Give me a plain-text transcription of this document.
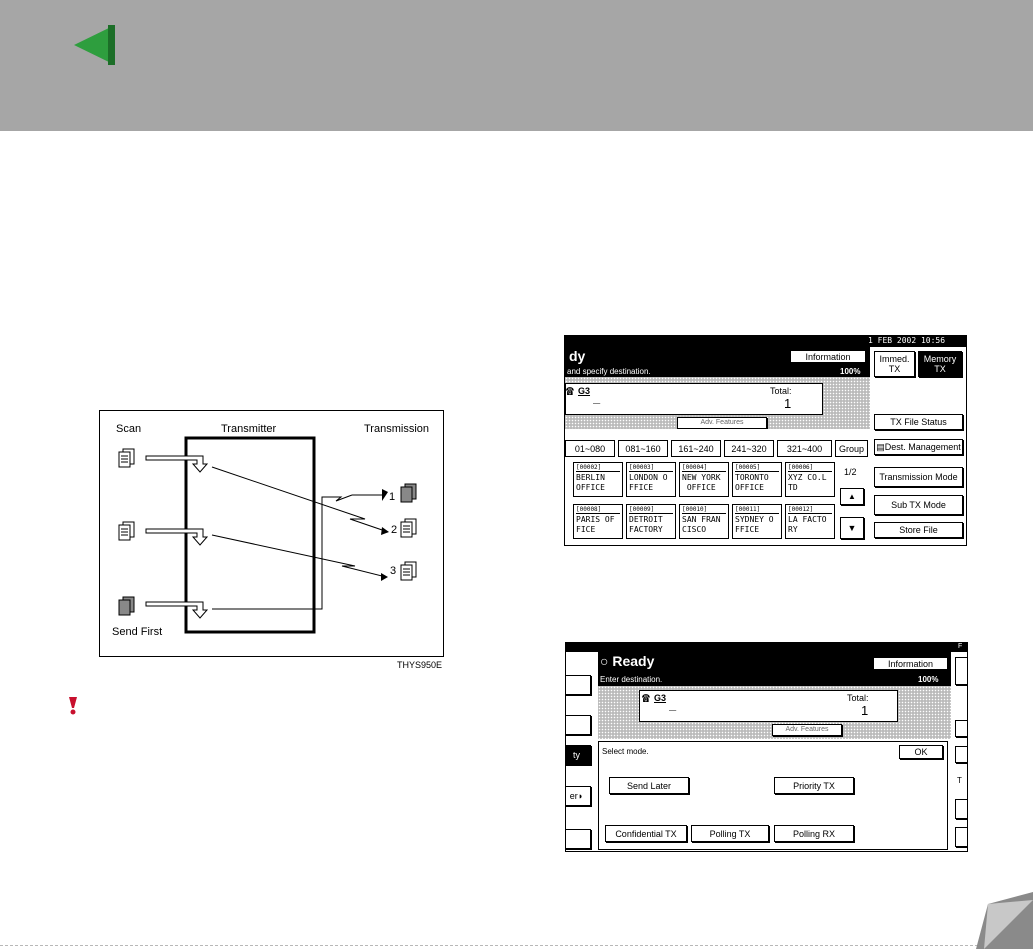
Scan	Transmitter	Transmission
Send First
1
2
3
THYS950E
1 FEB 2002 10:56
dy
and specify destination.
Information
100%
Immed.
TX
Memory
TX
☎ G3 _	Total:
1
Adv. Features	TX File Status
▤ Dest. Management
Transmission Mode
Sub TX Mode
Store File
01~080	081~160	161~240	241~320	321~400	Group
[00002]
BERLIN
OFFICE
[00003]
LONDON O
FFICE
[00004]
NEW YORK
OFFICE
[00005]
TORONTO
OFFICE
[00006]
XYZ CO.L
TD
[00008]
PARIS OF
FICE
[00009]
DETROIT
FACTORY
[00010]
SAN FRAN
CISCO
[00011]
SYDNEY O
FFICE
[00012]
LA FACTO
RY
1/2
▲
▼
F
ty
er ◗
○ Ready
Enter destination.
Information
100%
T
☎ G3 _	Total:
1
Adv. Features
Select mode.	OK
Send Later	Priority TX
Confidential TX	Polling TX	Polling RX
